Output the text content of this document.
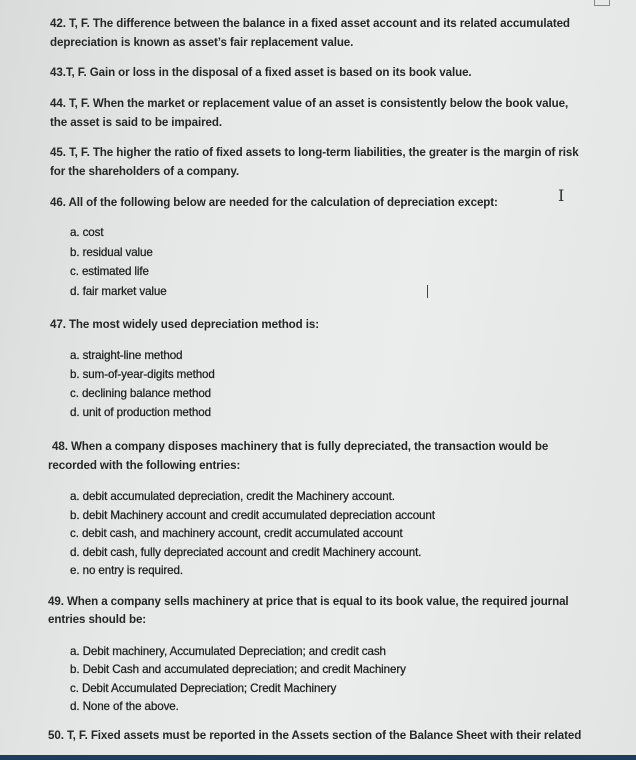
42. T, F. The difference between the balance in a fixed asset account and its related accumulated
depreciation is known as asset’s fair replacement value.
43.T, F. Gain or loss in the disposal of a fixed asset is based on its book value.
44. T, F. When the market or replacement value of an asset is consistently below the book value,
the asset is said to be impaired.
45. T, F. The higher the ratio of fixed assets to long-term liabilities, the greater is the margin of risk
for the shareholders of a company.
I
46. All of the following below are needed for the calculation of depreciation except:
a. cost
b. residual value
c. estimated life
d. fair market value
47. The most widely used depreciation method is:
a. straight-line method
b. sum-of-year-digits method
c. declining balance method
d. unit of production method
48. When a company disposes machinery that is fully depreciated, the transaction would be
recorded with the following entries:
a. debit accumulated depreciation, credit the Machinery account.
b. debit Machinery account and credit accumulated depreciation account
c. debit cash, and machinery account, credit accumulated account
d. debit cash, fully depreciated account and credit Machinery account.
e. no entry is required.
49. When a company sells machinery at price that is equal to its book value, the required journal
entries should be:
a. Debit machinery, Accumulated Depreciation; and credit cash
b. Debit Cash and accumulated depreciation; and credit Machinery
c. Debit Accumulated Depreciation; Credit Machinery
d. None of the above.
50. T, F. Fixed assets must be reported in the Assets section of the Balance Sheet with their related
